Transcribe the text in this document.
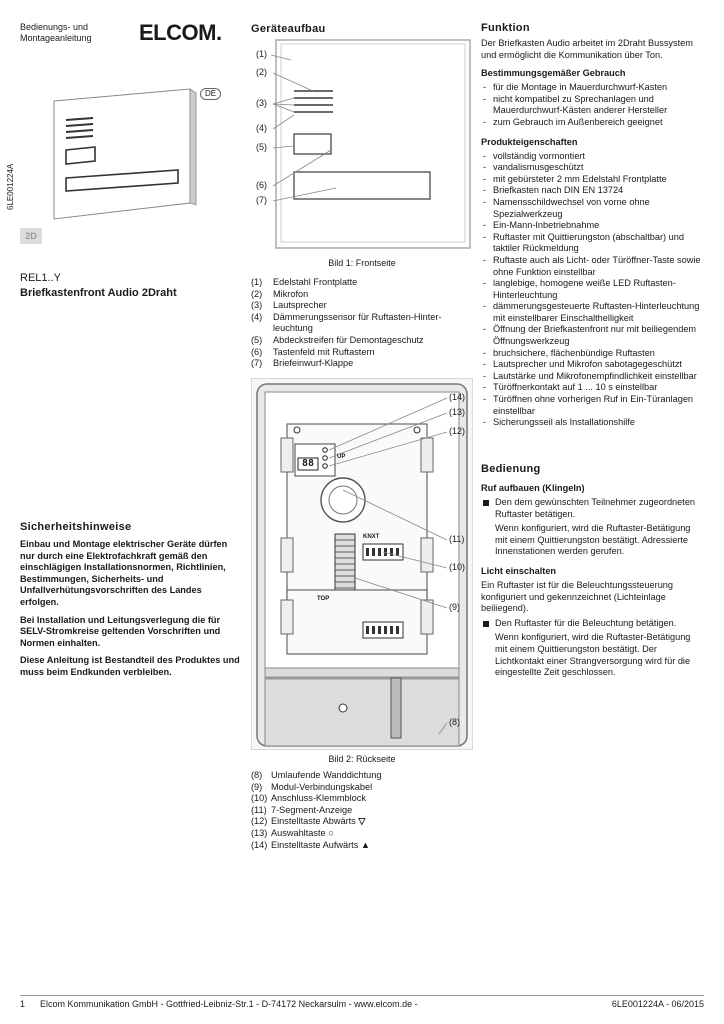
Bedienungs- und
Montageanleitung ELCOM.
DE
6LE001224A
2D
REL1..Y
Briefkastenfront Audio 2Draht
Sicherheitshinweise

Einbau und Montage elektrischer Geräte dürfen nur durch eine Elektrofachkraft gemäß den einschlägigen Installationsnormen, Richtlinien, Bestimmungen, Sicherheits- und Unfallverhütungsvorschriften des Landes erfolgen.

Bei Installation und Leitungsverlegung die für SELV-Stromkreise geltenden Vorschriften und Normen einhalten.

Diese Anleitung ist Bestandteil des Produktes und muss beim Endkunden verbleiben.

Geräteaufbau
(1)
(2)
(3)
(4)
(5)
(6)
(7)
Bild 1: Frontseite
(1)	Edelstahl Frontplatte
(2)	Mikrofon
(3)	Lautsprecher
(4)	Dämmerungssensor für Ruftasten-Hinter-
leuchtung
(5)	Abdeckstreifen für Demontageschutz
(6)	Tastenfeld mit Ruftastern
(7)	Briefeinwurf-Klappe
88
UP
TOP
KNXT
(14)
(13)
(12)
(11)
(10)
(9)
(8)
Bild 2: Rückseite
(8) Umlaufende Wanddichtung
(9) Modul-Verbindungskabel
(10) Anschluss-Klemmblock
(11) 7-Segment-Anzeige
(12) Einstelltaste Abwärts
▽
(13) Auswahltaste
○
(14) Einstelltaste Aufwärts
▲
Funktion
Der Briefkasten Audio arbeitet im 2Draht Bussystem und ermöglicht die Kommunikation über Ton.
Bestimmungsgemäßer Gebrauch
- für die Montage in Mauerdurchwurf-Kasten
- nicht kompatibel zu Sprechanlagen und Mauerdurchwurf-Kästen anderer Hersteller
- zum Gebrauch im Außenbereich geeignet
Produkteigenschaften
- vollständig vormontiert
- vandalismusgeschützt
- mit gebürsteter 2 mm Edelstahl Frontplatte
- Briefkasten nach DIN EN 13724
- Namensschildwechsel von vorne ohne Spezialwerkzeug
- Ein-Mann-Inbetriebnahme
- Ruftaster mit Quittierungston (abschaltbar) und taktiler Rückmeldung
- Ruftaste auch als Licht- oder Türöffner-Taste sowie ohne Funktion einstellbar
- langlebige, homogene weiße LED Ruftasten-Hinterleuchtung
- dämmerungsgesteuerte Ruftasten-Hinterleuchtung mit einstellbarer Einschalthelligkeit
- Öffnung der Briefkastenfront nur mit beiliegendem Öffnungswerkzeug
- bruchsichere, flächenbündige Ruftasten
- Lautsprecher und Mikrofon sabotagegeschützt
- Lautstärke und Mikrofonempfindlichkeit einstellbar
- Türöffnerkontakt auf 1 ... 10 s einstellbar
- Türöffnen ohne vorherigen Ruf in Ein-Türanlagen einstellbar
- Sicherungsseil als Installationshilfe
Bedienung
Ruf aufbauen (Klingeln)
Den dem gewünschten Teilnehmer zugeordneten Ruftaster betätigen.
Wenn konfiguriert, wird die Ruftaster-Betätigung mit einem Quittierungston bestätigt. Adressierte Innenstationen werden gerufen.
Licht einschalten
Ein Ruftaster ist für die Beleuchtungssteuerung konfiguriert und gekennzeichnet (Lichteinlage beiliegend).
Den Ruftaster für die Beleuchtung betätigen.
Wenn konfiguriert, wird die Ruftaster-Betätigung mit einem Quittierungston bestätigt. Der Lichtkontakt einer Strangversorgung wird für die eingestellte Zeit geschlossen.
1 Elcom Kommunikation GmbH - Gottfried-Leibniz-Str.1 - D-74172 Neckarsulm - www.elcom.de -	6LE001224A - 06/2015
